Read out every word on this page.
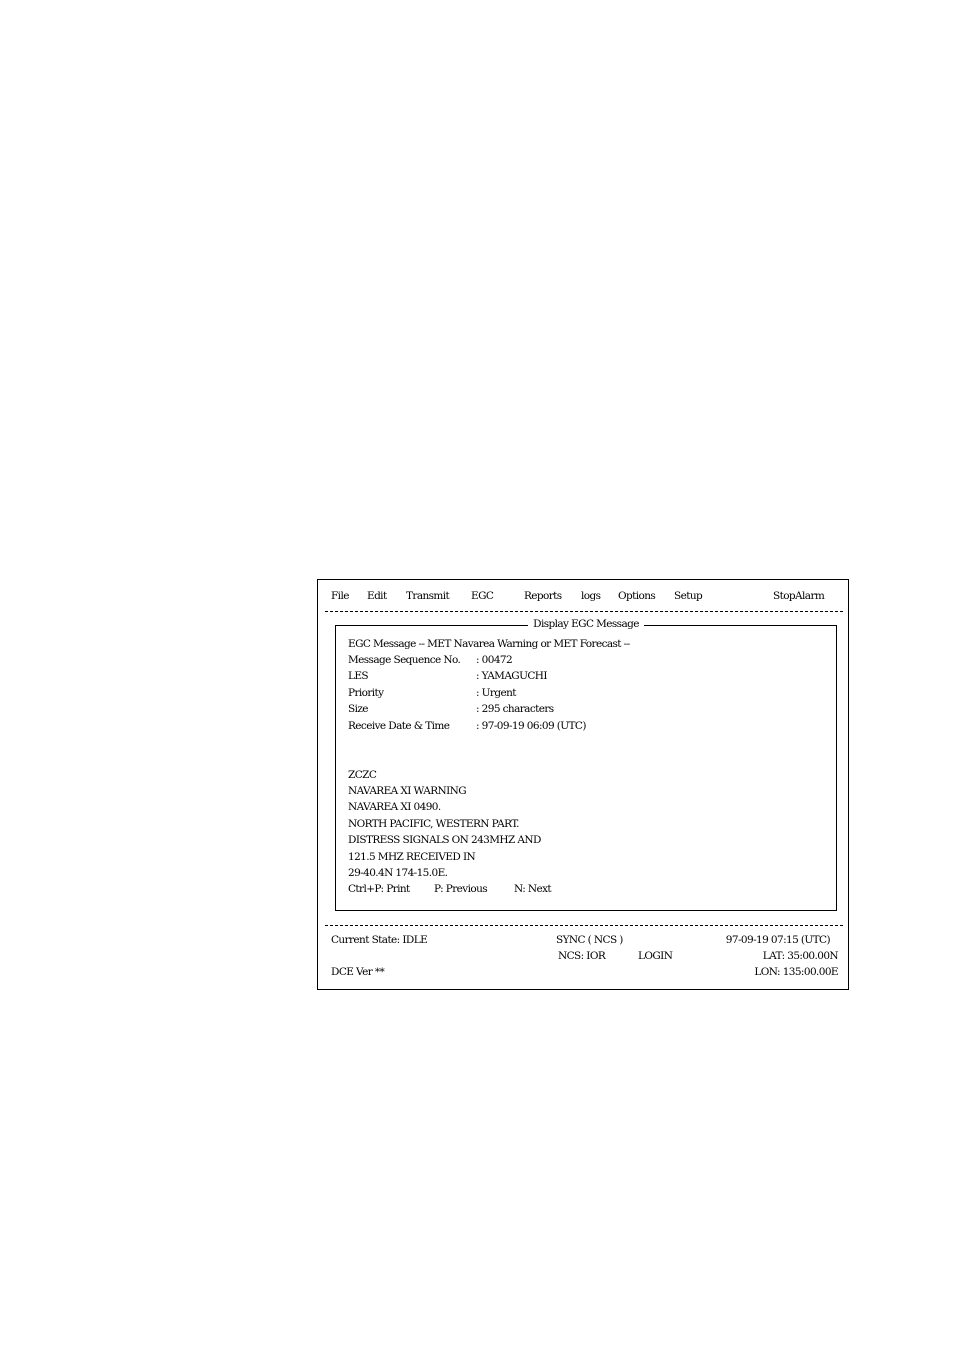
File Edit Transmit EGC	Reports logs Options Setup	StopAlarm
Display EGC Message
EGC Message -- MET Navarea Warning or MET Forecast --
Message Sequence No. : 00472
LES	: YAMAGUCHI
Priority	: Urgent
Size	: 295 characters
Receive Date & Time	: 97-09-19 06:09 (UTC)
ZCZC
NAVAREA XI WARNING
NAVAREA XI 0490.
NORTH PACIFIC, WESTERN PART.
DISTRESS SIGNALS ON 243MHZ AND
121.5 MHZ RECEIVED IN
29-40.4N 174-15.0E.
Ctrl+P: Print P: Previous	N: Next
Current State: IDLE	SYNC ( NCS )	97-09-19 07:15 (UTC)
NCS: IOR	LOGIN	LAT: 35:00.00N
DCE Ver **	LON: 135:00.00E
